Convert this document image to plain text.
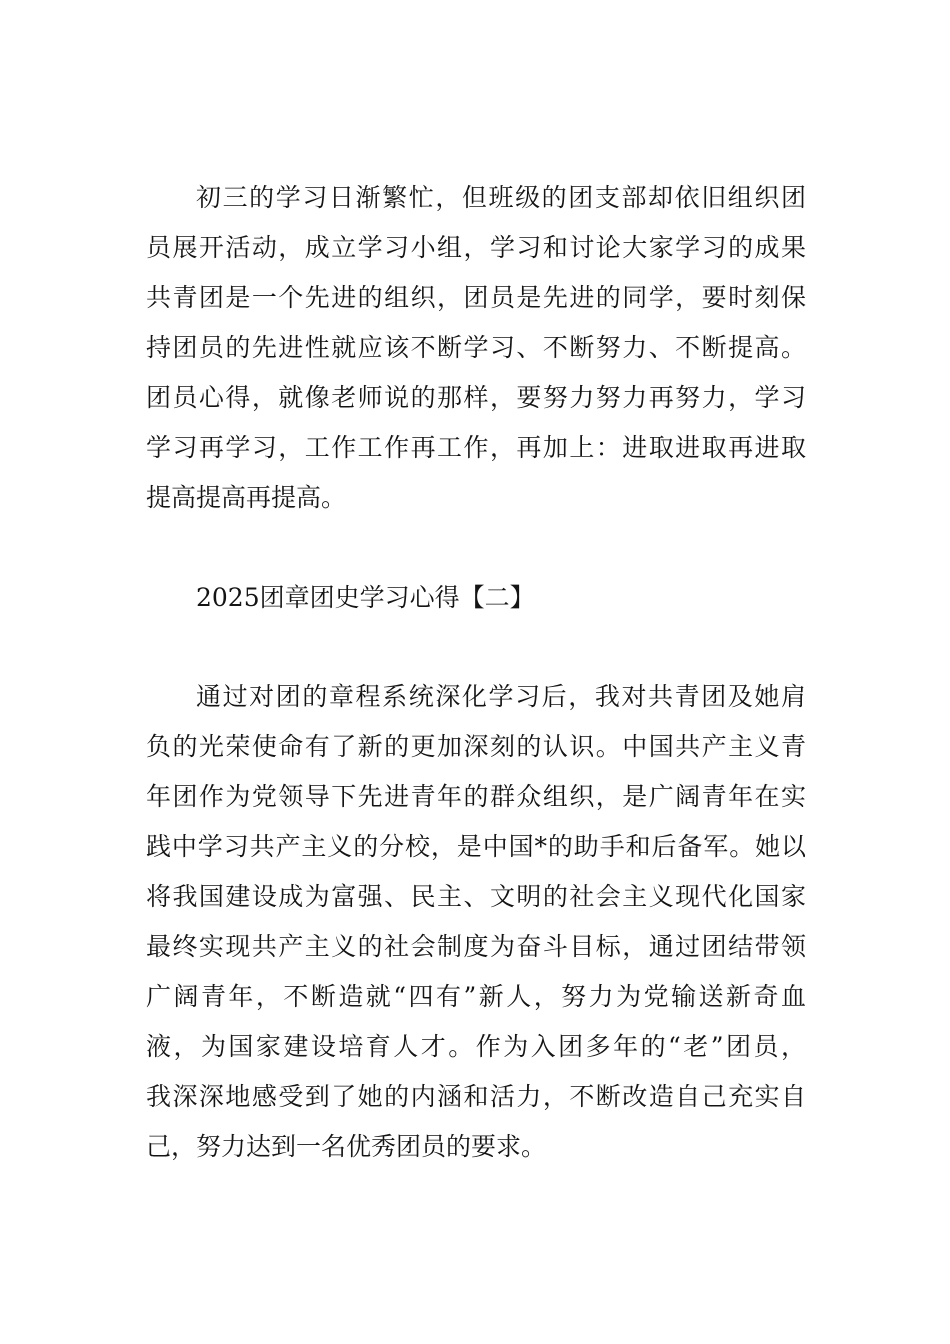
初三的学习日渐繁忙，但班级的团支部却依旧组织团
员展开活动，成立学习小组，学习和讨论大家学习的成果
共青团是一个先进的组织，团员是先进的同学，要时刻保
持团员的先进性就应该不断学习、不断努力、不断提高。
团员心得，就像老师说的那样，要努力努力再努力，学习
学习再学习，工作工作再工作，再加上：进取进取再进取
提高提高再提高。
2025团章团史学习心得【二】
通过对团的章程系统深化学习后，我对共青团及她肩
负的光荣使命有了新的更加深刻的认识。中国共产主义青
年团作为党领导下先进青年的群众组织，是广阔青年在实
践中学习共产主义的分校，是中国*的助手和后备军。她以
将我国建设成为富强、民主、文明的社会主义现代化国家
最终实现共产主义的社会制度为奋斗目标，通过团结带领
广阔青年，不断造就“四有”新人，努力为党输送新奇血
液，为国家建设培育人才。作为入团多年的“老”团员，
我深深地感受到了她的内涵和活力，不断改造自己充实自
己，努力达到一名优秀团员的要求。
